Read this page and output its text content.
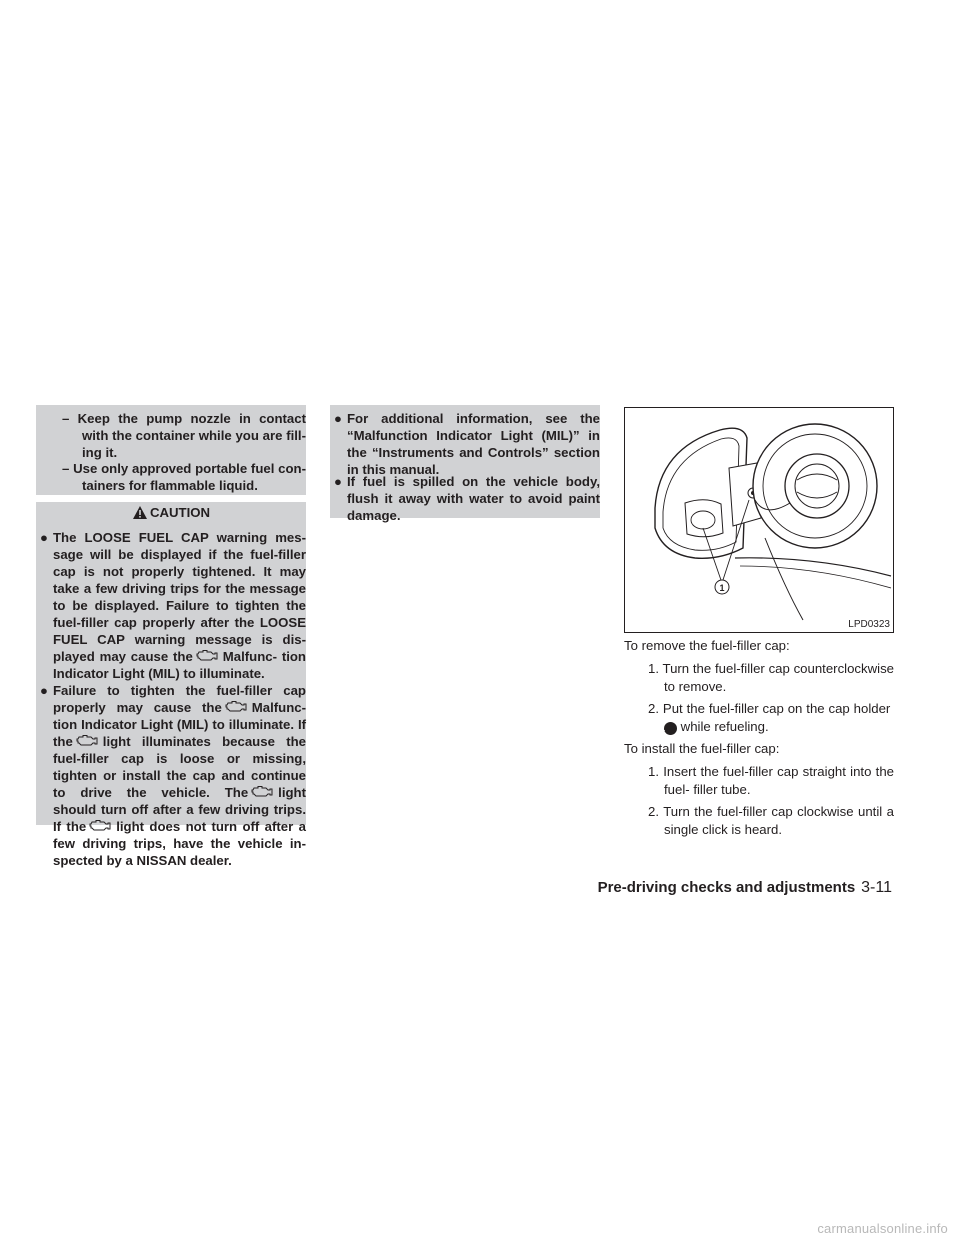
– Keep the pump nozzle in contact with the container while you are fill- ing it.
– Use only approved portable fuel con- tainers for flammable liquid.
CAUTION
● The LOOSE FUEL CAP warning mes- sage will be displayed if the fuel-filler cap is not properly tightened. It may take a few driving trips for the message to be displayed. Failure to tighten the fuel-filler cap properly after the LOOSE FUEL CAP warning message is dis- played may cause the Malfunc- tion Indicator Light (MIL) to illuminate.
● Failure to tighten the fuel-filler cap properly may cause the Malfunc- tion Indicator Light (MIL) to illuminate. If the light illuminates because the fuel-filler cap is loose or missing, tighten or install the cap and continue to drive the vehicle. The light should turn off after a few driving trips. If the light does not turn off after a few driving trips, have the vehicle in- spected by a NISSAN dealer.
● For additional information, see the “Malfunction Indicator Light (MIL)” in the “Instruments and Controls” section in this manual.
● If fuel is spilled on the vehicle body, flush it away with water to avoid paint damage.
1
LPD0323
To remove the fuel-filler cap:
1. Turn the fuel-filler cap counterclockwise to remove.
2. Put the fuel-filler cap on the cap holder 1 while refueling.
To install the fuel-filler cap:
1. Insert the fuel-filler cap straight into the fuel- filler tube.
2. Turn the fuel-filler cap clockwise until a single click is heard.
Pre-driving checks and adjustments 3-11
carmanualsonline.info
